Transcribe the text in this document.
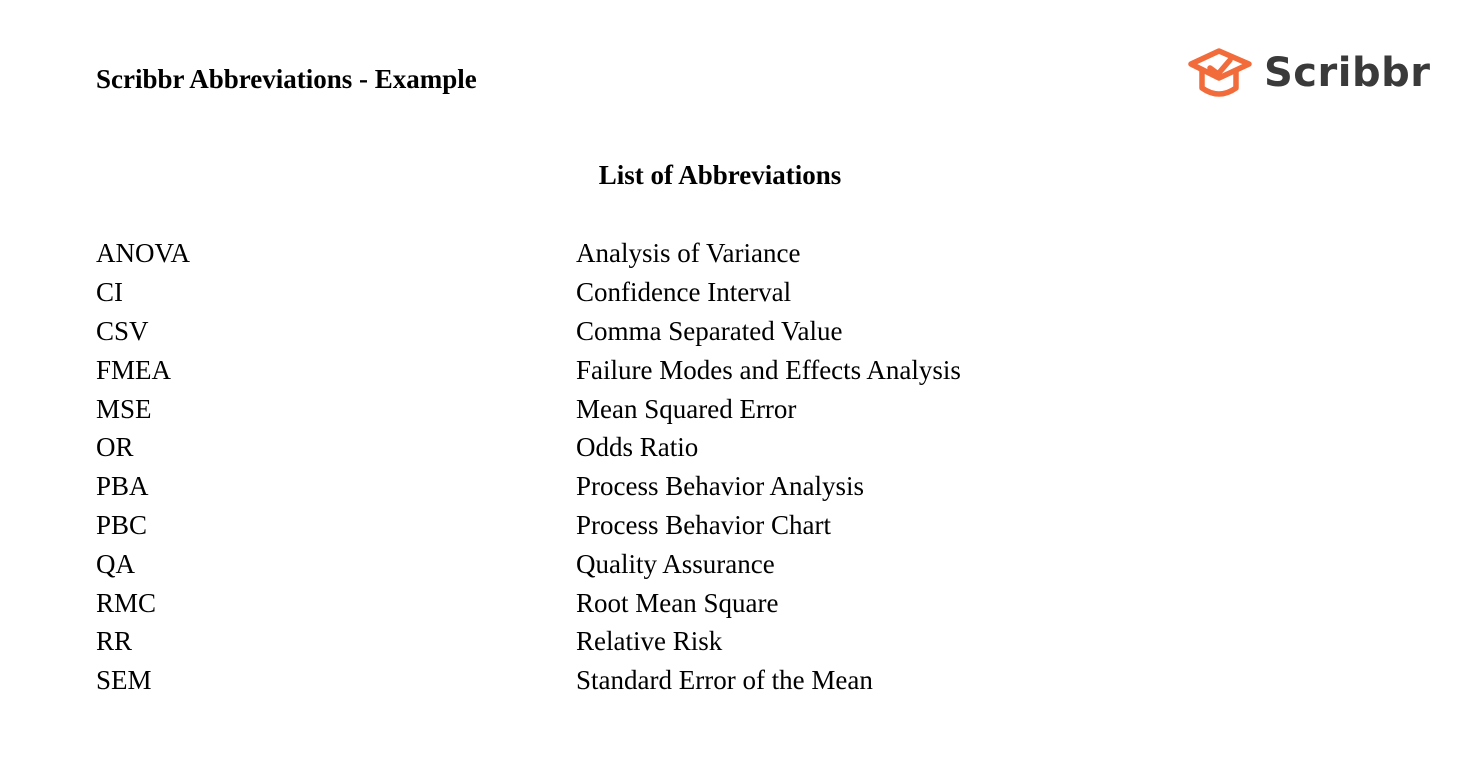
Scribbr Abbreviations - Example	Scribbr
List of Abbreviations
ANOVA	Analysis of Variance
CI	Confidence Interval
CSV	Comma Separated Value
FMEA	Failure Modes and Effects Analysis
MSE	Mean Squared Error
OR	Odds Ratio
PBA	Process Behavior Analysis
PBC	Process Behavior Chart
QA	Quality Assurance
RMC	Root Mean Square
RR	Relative Risk
SEM	Standard Error of the Mean
